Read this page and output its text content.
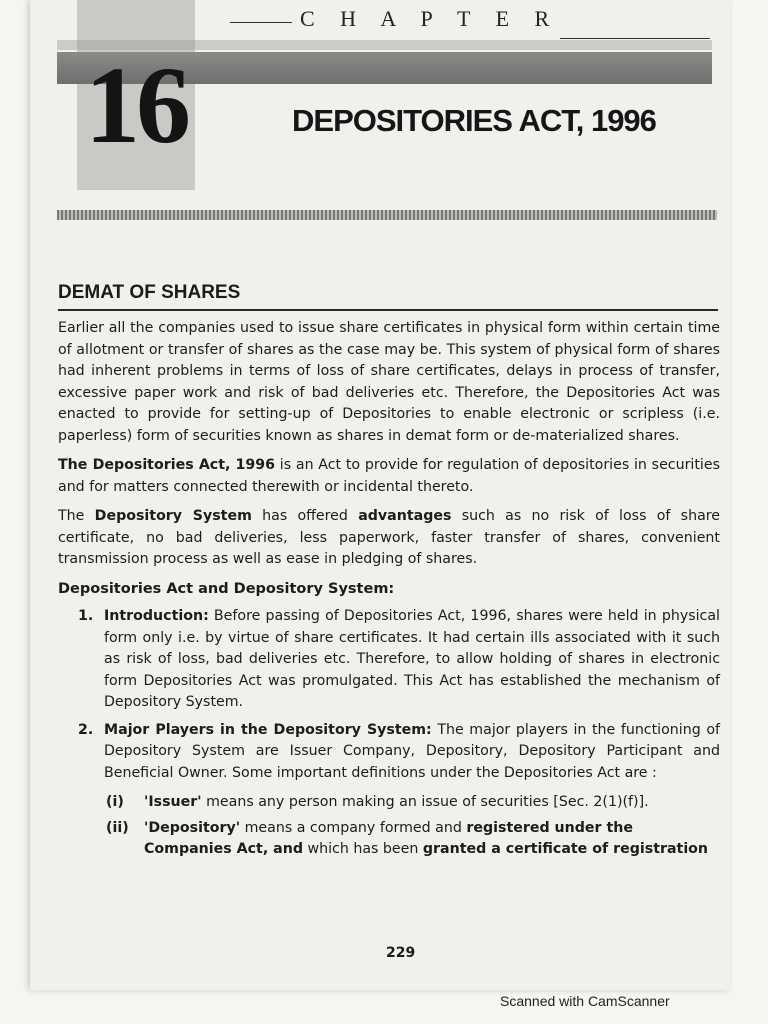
C H A P T E R
16	DEPOSITORIES ACT, 1996
DEMAT OF SHARES

Earlier all the companies used to issue share certificates in physical form within certain time of allotment or transfer of shares as the case may be. This system of physical form of shares had inherent problems in terms of loss of share certificates, delays in process of transfer, excessive paper work and risk of bad deliveries etc. Therefore, the Depositories Act was enacted to provide for setting-up of Depositories to enable electronic or scripless (i.e. paperless) form of securities known as shares in demat form or de-materialized shares.

The Depositories Act, 1996 is an Act to provide for regulation of depositories in securities and for matters connected therewith or incidental thereto.

The Depository System has offered advantages such as no risk of loss of share certificate, no bad deliveries, less paperwork, faster transfer of shares, convenient transmission process as well as ease in pledging of shares.

Depositories Act and Depository System:
1. Introduction: Before passing of Depositories Act, 1996, shares were held in physical form only i.e. by virtue of share certificates. It had certain ills associated with it such as risk of loss, bad deliveries etc. Therefore, to allow holding of shares in electronic form Depositories Act was promulgated. This Act has established the mechanism of Depository System.
2. Major Players in the Depository System: The major players in the functioning of Depository System are Issuer Company, Depository, Depository Participant and Beneficial Owner. Some important definitions under the Depositories Act are :
(i)	'Issuer' means any person making an issue of securities [Sec. 2(1)(f)].
(ii)	'Depository' means a company formed and registered under the Companies Act, and which has been granted a certificate of registration
229
Scanned with CamScanner
